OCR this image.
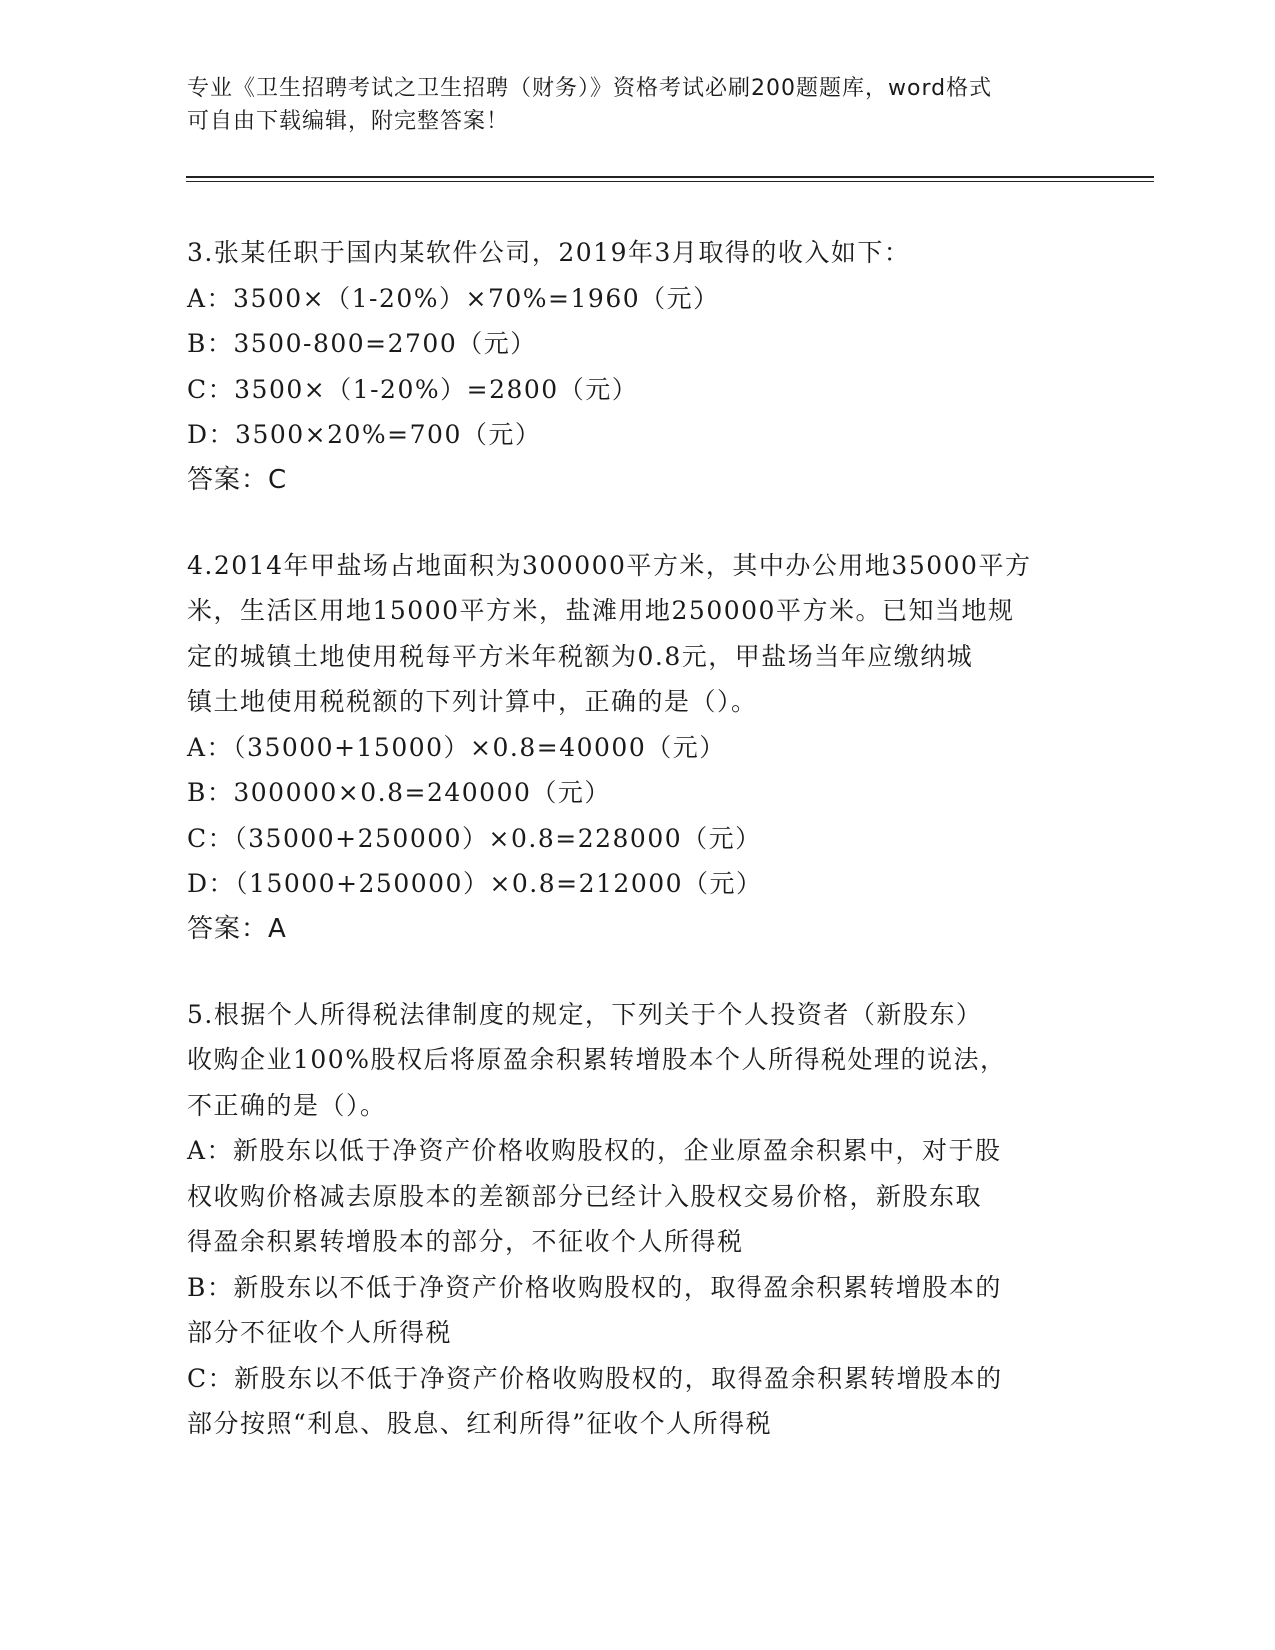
专业《卫生招聘考试之卫生招聘（财务）》资格考试必刷200题题库，word格式
可自由下载编辑，附完整答案！
3.张某任职于国内某软件公司，2019年3月取得的收入如下：
A：3500×（1-20%）×70%=1960（元）
B：3500-800=2700（元）
C：3500×（1-20%）=2800（元）
D：3500×20%=700（元）
答案：C
4.2014年甲盐场占地面积为300000平方米，其中办公用地35000平方
米，生活区用地15000平方米，盐滩用地250000平方米。已知当地规
定的城镇土地使用税每平方米年税额为0.8元，甲盐场当年应缴纳城
镇土地使用税税额的下列计算中，正确的是（）。
A：（35000+15000）×0.8=40000（元）
B：300000×0.8=240000（元）
C：（35000+250000）×0.8=228000（元）
D：（15000+250000）×0.8=212000（元）
答案：A
5.根据个人所得税法律制度的规定，下列关于个人投资者（新股东）
收购企业100%股权后将原盈余积累转增股本个人所得税处理的说法，
不正确的是（）。
A：新股东以低于净资产价格收购股权的，企业原盈余积累中，对于股
权收购价格减去原股本的差额部分已经计入股权交易价格，新股东取
得盈余积累转增股本的部分，不征收个人所得税
B：新股东以不低于净资产价格收购股权的，取得盈余积累转增股本的
部分不征收个人所得税
C：新股东以不低于净资产价格收购股权的，取得盈余积累转增股本的
部分按照“利息、股息、红利所得”征收个人所得税
